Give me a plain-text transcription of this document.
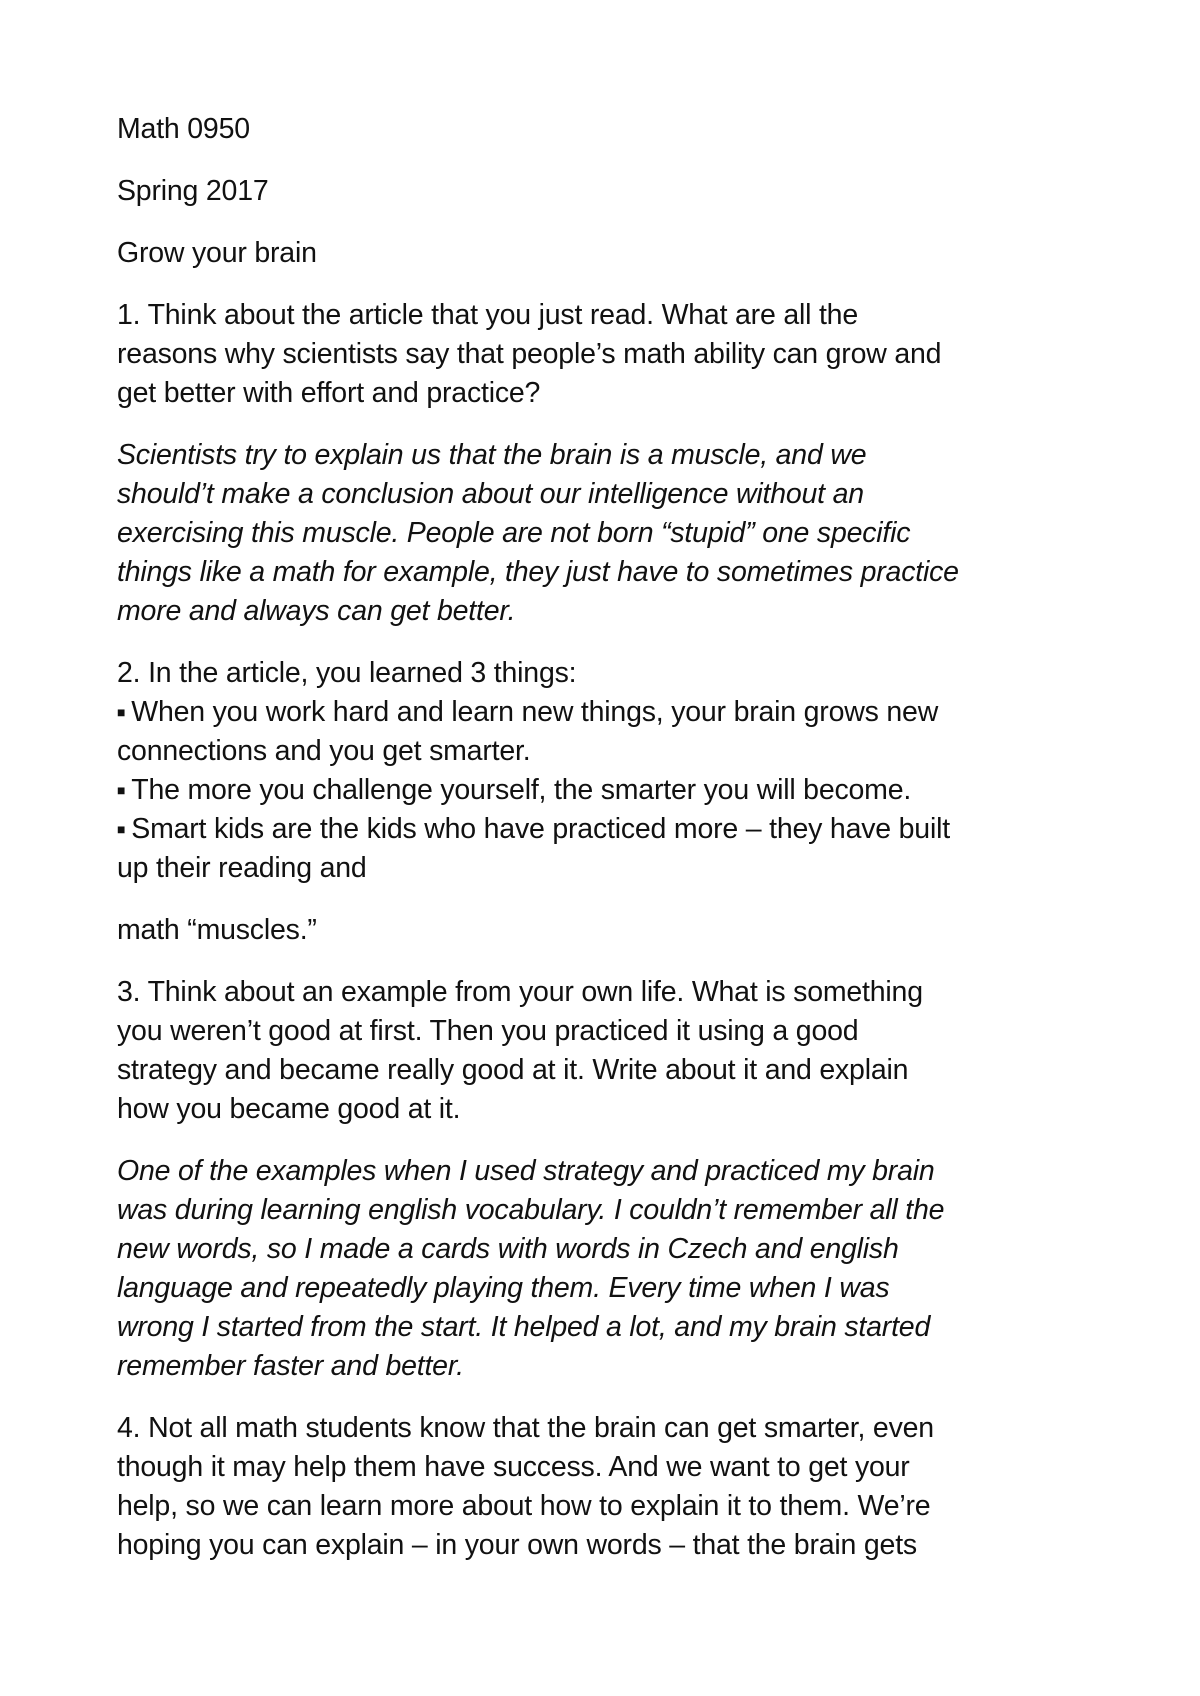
Math 0950

Spring 2017

Grow your brain

1. Think about the article that you just read. What are all the
reasons why scientists say that people’s math ability can grow and
get better with effort and practice?

Scientists try to explain us that the brain is a muscle, and we
should’t make a conclusion about our intelligence without an
exercising this muscle. People are not born “stupid” one specific
things like a math for example, they just have to sometimes practice
more and always can get better.

2. In the article, you learned 3 things:
■ When you work hard and learn new things, your brain grows new
connections and you get smarter.
■ The more you challenge yourself, the smarter you will become.
■ Smart kids are the kids who have practiced more – they have built
up their reading and

math “muscles.”

3. Think about an example from your own life. What is something
you weren’t good at first. Then you practiced it using a good
strategy and became really good at it. Write about it and explain
how you became good at it.

One of the examples when I used strategy and practiced my brain
was during learning english vocabulary. I couldn’t remember all the
new words, so I made a cards with words in Czech and english
language and repeatedly playing them. Every time when I was
wrong I started from the start. It helped a lot, and my brain started
remember faster and better.

4. Not all math students know that the brain can get smarter, even
though it may help them have success. And we want to get your
help, so we can learn more about how to explain it to them. We’re
hoping you can explain – in your own words – that the brain gets
